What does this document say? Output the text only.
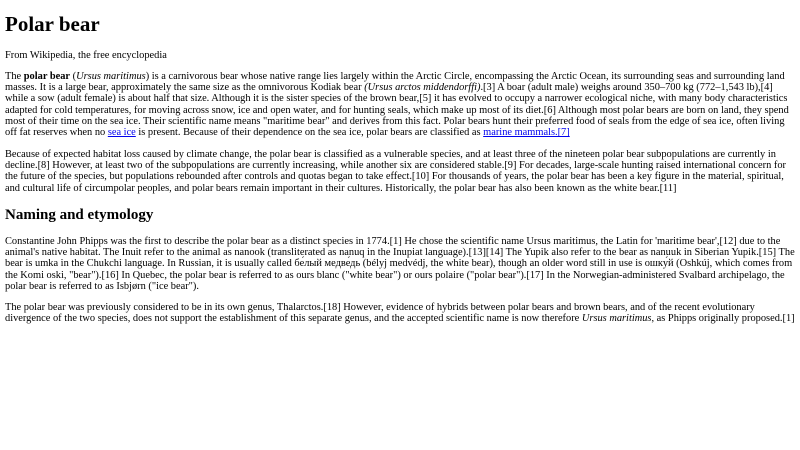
Polar bear
From Wikipedia, the free encyclopedia

The polar bear (Ursus maritimus) is a carnivorous bear whose native range lies largely within the Arctic Circle, encompassing the Arctic Ocean, its surrounding seas and surrounding land masses. It is a large bear, approximately the same size as the omnivorous Kodiak bear (Ursus arctos middendorffi).[3] A boar (adult male) weighs around 350–700 kg (772–1,543 lb),[4] while a sow (adult female) is about half that size. Although it is the sister species of the brown bear,[5] it has evolved to occupy a narrower ecological niche, with many body characteristics adapted for cold temperatures, for moving across snow, ice and open water, and for hunting seals, which make up most of its diet.[6] Although most polar bears are born on land, they spend most of their time on the sea ice. Their scientific name means "maritime bear" and derives from this fact. Polar bears hunt their preferred food of seals from the edge of sea ice, often living off fat reserves when no sea ice is present. Because of their dependence on the sea ice, polar bears are classified as marine mammals.[7]

Because of expected habitat loss caused by climate change, the polar bear is classified as a vulnerable species, and at least three of the nineteen polar bear subpopulations are currently in decline.[8] However, at least two of the subpopulations are currently increasing, while another six are considered stable.[9] For decades, large-scale hunting raised international concern for the future of the species, but populations rebounded after controls and quotas began to take effect.[10] For thousands of years, the polar bear has been a key figure in the material, spiritual, and cultural life of circumpolar peoples, and polar bears remain important in their cultures. Historically, the polar bear has also been known as the white bear.[11]

Naming and etymology

Constantine John Phipps was the first to describe the polar bear as a distinct species in 1774.[1] He chose the scientific name Ursus maritimus, the Latin for 'maritime bear',[12] due to the animal's native habitat. The Inuit refer to the animal as nanook (transliterated as nanuq in the Inupiat language).[13][14] The Yupik also refer to the bear as nanuuk in Siberian Yupik.[15] The bear is umka in the Chukchi language. In Russian, it is usually called бе́лый медве́дь (bélyj medvédj, the white bear), though an older word still in use is ошку́й (Oshkúj, which comes from the Komi oski, "bear").[16] In Quebec, the polar bear is referred to as ours blanc ("white bear") or ours polaire ("polar bear").[17] In the Norwegian-administered Svalbard archipelago, the polar bear is referred to as Isbjørn ("ice bear").

The polar bear was previously considered to be in its own genus, Thalarctos.[18] However, evidence of hybrids between polar bears and brown bears, and of the recent evolutionary divergence of the two species, does not support the establishment of this separate genus, and the accepted scientific name is now therefore Ursus maritimus, as Phipps originally proposed.[1]
